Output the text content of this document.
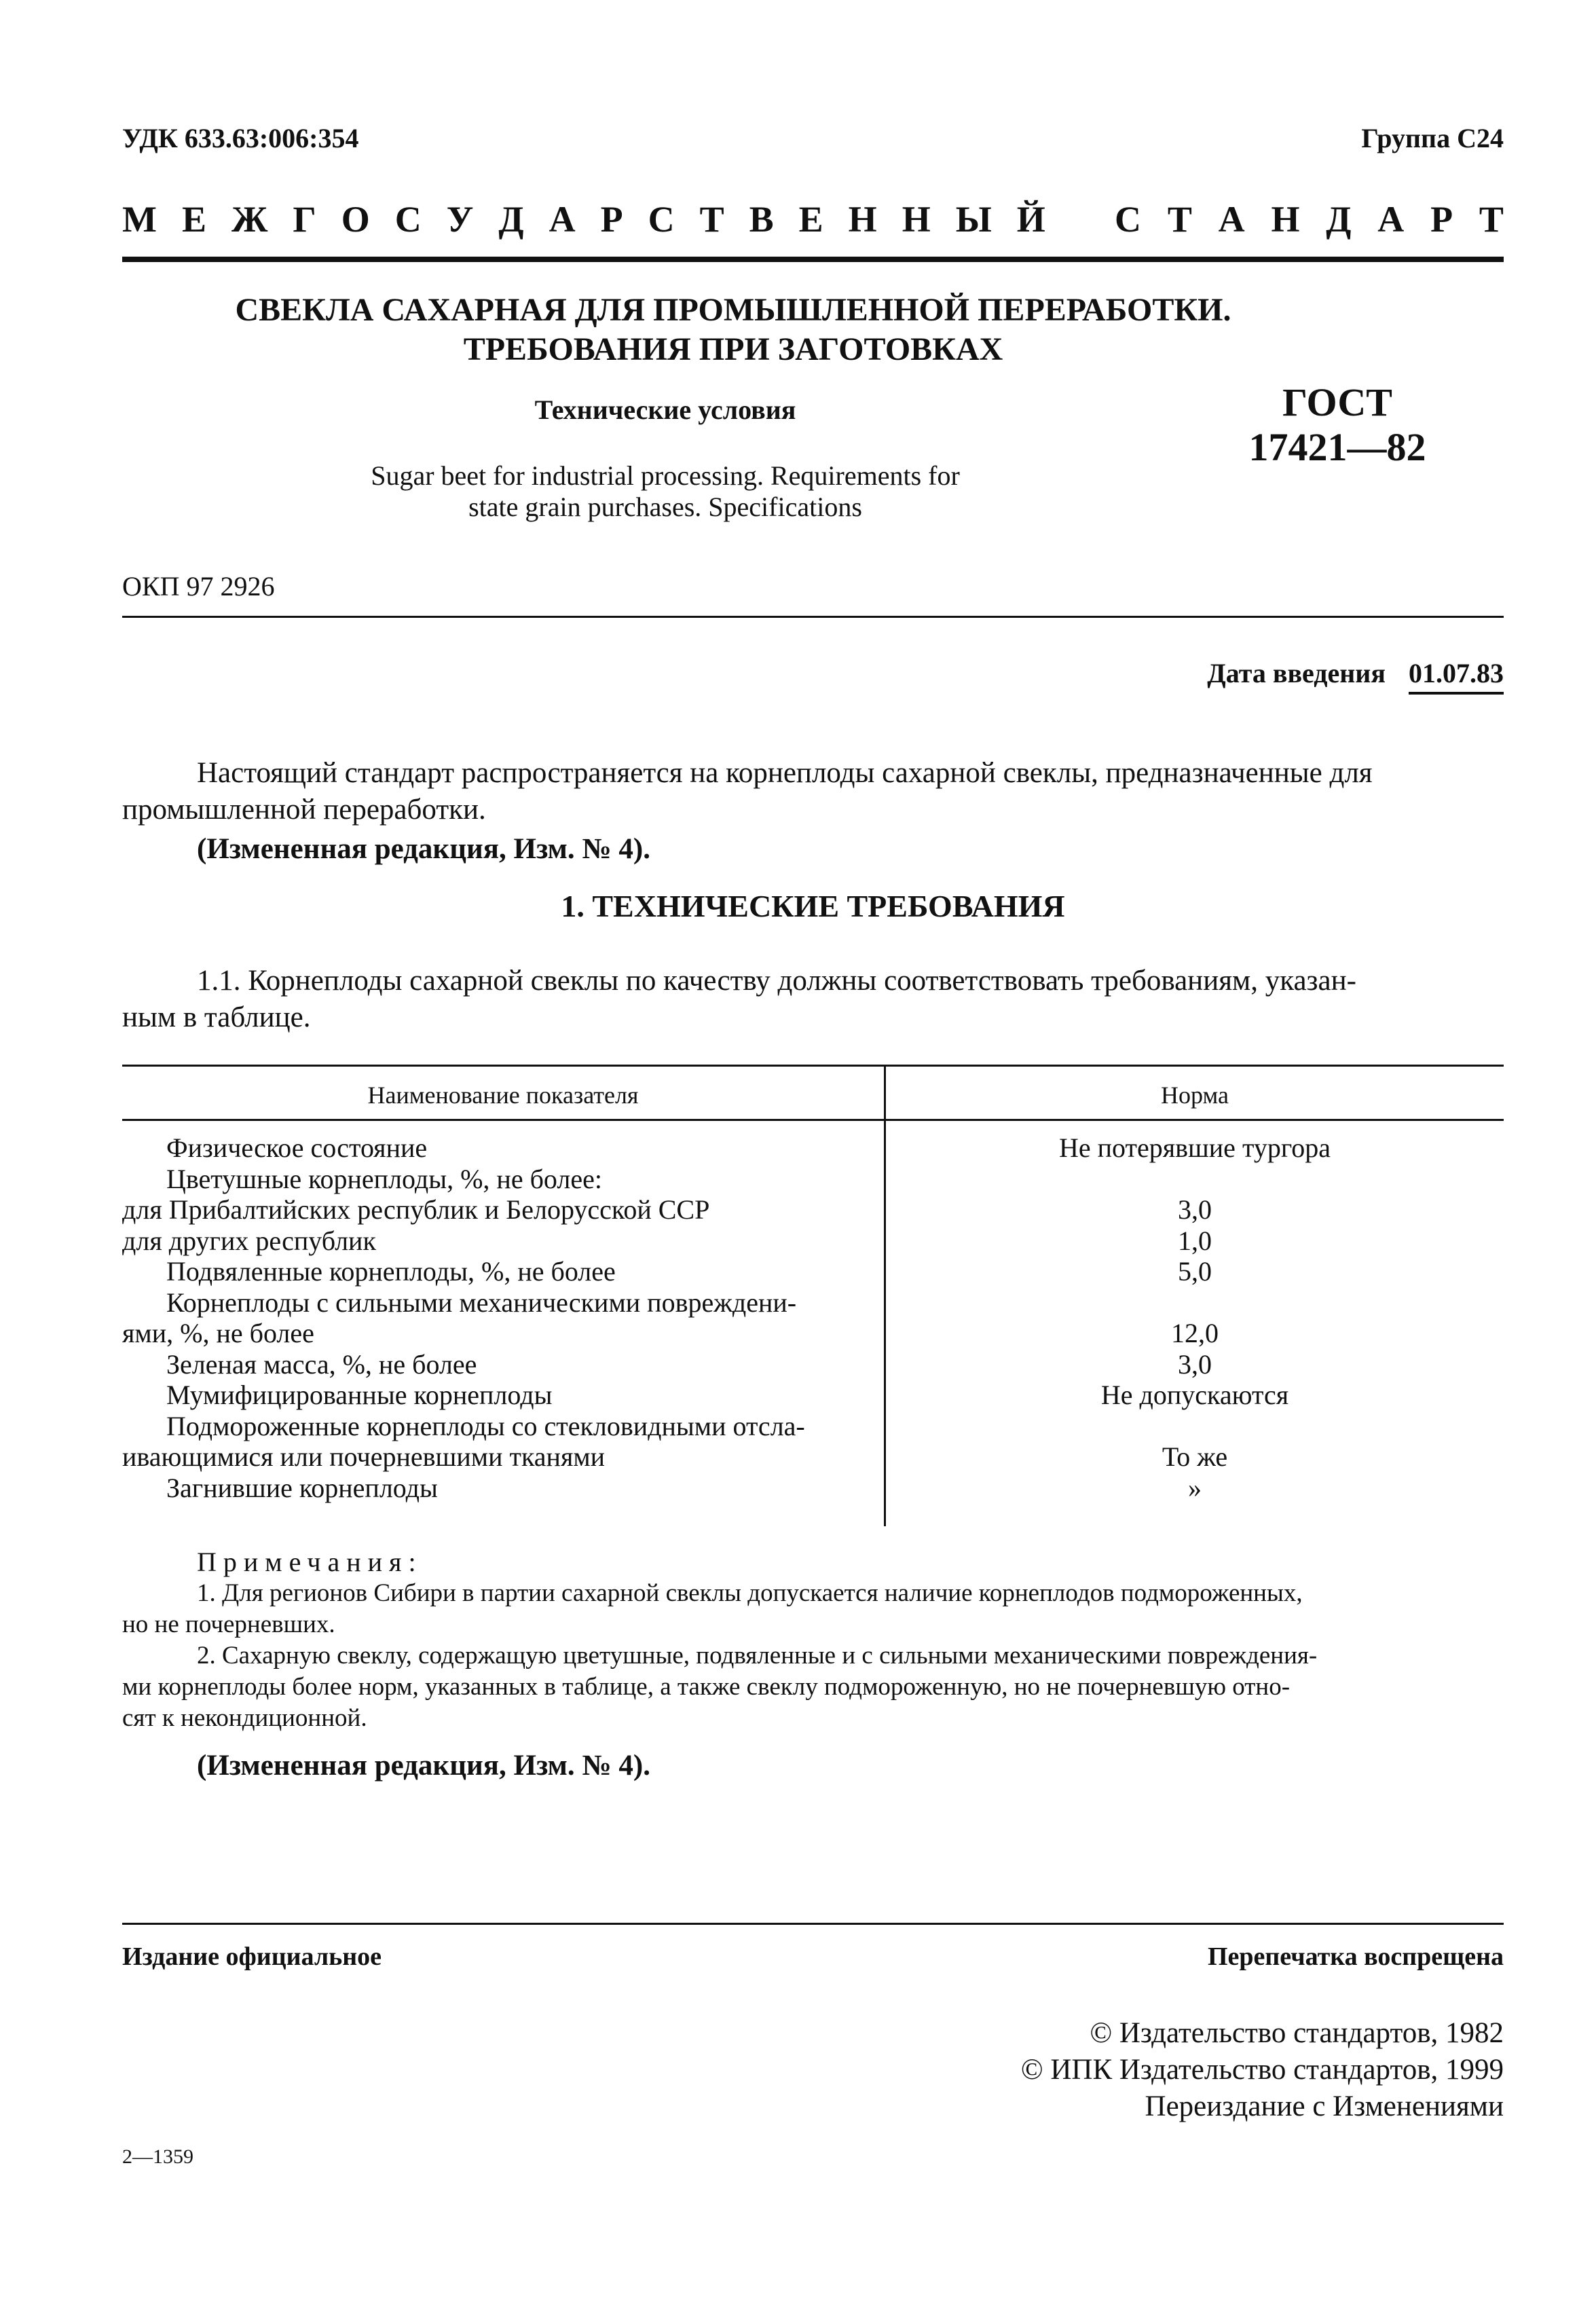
УДК 633.63:006:354	Группа С24
М Е Ж Г О С У Д А Р С Т В Е Н Н Ы Й С Т А Н Д А Р Т
СВЕКЛА САХАРНАЯ ДЛЯ ПРОМЫШЛЕННОЙ ПЕРЕРАБОТКИ.
ТРЕБОВАНИЯ ПРИ ЗАГОТОВКАХ
Технические условия
Sugar beet for industrial processing. Requirements for
state grain purchases. Specifications
ГОСТ
17421—82
ОКП 97 2926
Дата введения 01.07.83
Настоящий стандарт распространяется на корнеплоды сахарной свеклы, предназначенные для
промышленной переработки.
(Измененная редакция, Изм. № 4).
1. ТЕХНИЧЕСКИЕ ТРЕБОВАНИЯ
1.1. Корнеплоды сахарной свеклы по качеству должны соответствовать требованиям, указан-
ным в таблице.
Наименование показателя	Норма
Физическое состояние	Не потерявшие тургора
Цветушные корнеплоды, %, не более:
для Прибалтийских республик и Белорусской ССР	3,0
для других республик	1,0
Подвяленные корнеплоды, %, не более	5,0
Корнеплоды с сильными механическими повреждени-
ями, %, не более	12,0
Зеленая масса, %, не более	3,0
Мумифицированные корнеплоды	Не допускаются
Подмороженные корнеплоды со стекловидными отсла-
ивающимися или почерневшими тканями	То же
Загнившие корнеплоды	»
Примечания:
1. Для регионов Сибири в партии сахарной свеклы допускается наличие корнеплодов подмороженных,
но не почерневших.
2. Сахарную свеклу, содержащую цветушные, подвяленные и с сильными механическими повреждения-
ми корнеплоды более норм, указанных в таблице, а также свеклу подмороженную, но не почерневшую отно-
сят к некондиционной.
(Измененная редакция, Изм. № 4).
Издание официальное	Перепечатка воспрещена
© Издательство стандартов, 1982
© ИПК Издательство стандартов, 1999
Переиздание с Изменениями
2—1359
